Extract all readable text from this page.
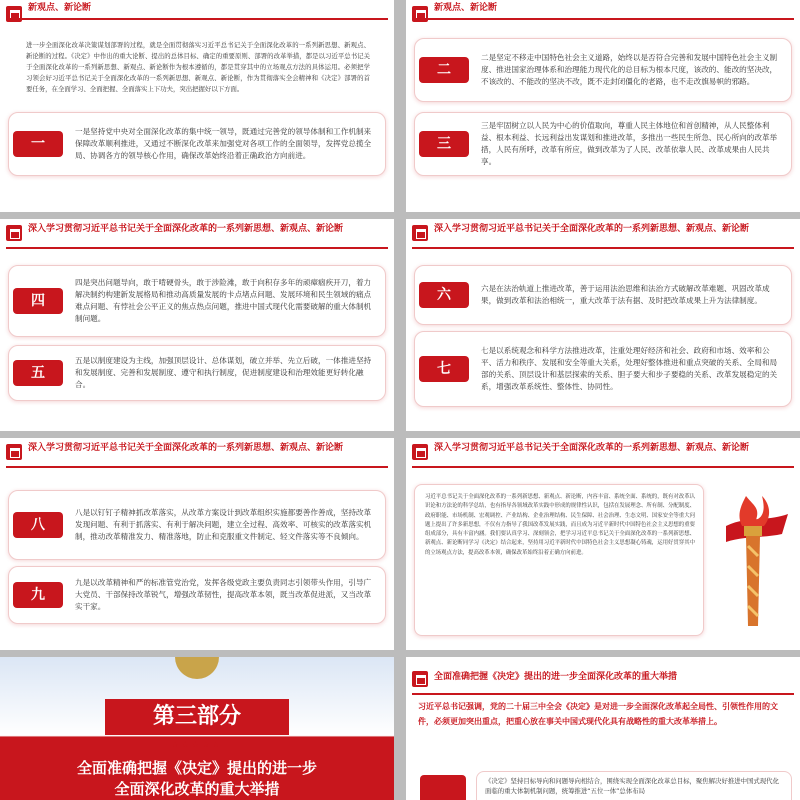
新观点、新论断
进一步全面深化改革决策谋划部署的过程，就是全面贯彻落实习近平总书记关于全面深化改革的一系列新思想、新观点、新论断的过程。《决定》中作出的重大论断、提出的总体目标、确定的重要原则、部署的改革举措，都是以习近平总书记关于全面深化改革的一系列新思想、新观点、新论断作为根本遵循的，都是贯穿其中的立场观点方法的具体运用。必须把学习领会好习近平总书记关于全面深化改革的一系列新思想、新观点、新论断，作为贯彻落实全会精神和《决定》部署的首要任务，在全面学习、全面把握、全面落实上下功夫，突出把握好以下方面。
一
一是坚持党中央对全面深化改革的集中统一领导，既通过完善党的领导体制和工作机制来保障改革顺利推进，又通过不断深化改革来加强党对各项工作的全面领导，发挥党总揽全局、协调各方的领导核心作用，确保改革始终沿着正确政治方向前进。
新观点、新论断
二
二是坚定不移走中国特色社会主义道路，始终以是否符合完善和发展中国特色社会主义制度、推进国家治理体系和治理能力现代化的总目标为根本尺度，该改的、能改的坚决改，不该改的、不能改的坚决不改，既不走封闭僵化的老路，也不走改旗易帜的邪路。
三
三是牢固树立以人民为中心的价值取向，尊重人民主体地位和首创精神，从人民整体利益、根本利益、长远利益出发谋划和推进改革，多推出一些民生所急、民心所向的改革举措，人民有所呼，改革有所应，做到改革为了人民、改革依靠人民、改革成果由人民共享。
深入学习贯彻习近平总书记关于全面深化改革的一系列新思想、新观点、新论断
四
四是突出问题导向，敢于啃硬骨头，敢于涉险滩，敢于向积存多年的顽瘴痼疾开刀，着力解决制约构建新发展格局和推动高质量发展的卡点堵点问题、发展环境和民生领域的痛点难点问题、有悖社会公平正义的焦点热点问题，推进中国式现代化需要破解的重大体制机制问题。
五
五是以制度建设为主线，加强顶层设计、总体谋划，破立并举、先立后破，一体推进坚持和发展制度、完善和发展制度、遵守和执行制度，促进制度建设和治理效能更好转化融合。
深入学习贯彻习近平总书记关于全面深化改革的一系列新思想、新观点、新论断
六	六是在法治轨道上推进改革，善于运用法治思维和法治方式破解改革难题、巩固改革成果，做到改革和法治相统一，重大改革于法有据、及时把改革成果上升为法律制度。
七
七是以系统观念和科学方法推进改革，注重处理好经济和社会、政府和市场、效率和公平、活力和秩序、发展和安全等重大关系，处理好整体推进和重点突破的关系、全局和局部的关系、顶层设计和基层探索的关系、胆子要大和步子要稳的关系、改革发展稳定的关系，增强改革系统性、整体性、协同性。
深入学习贯彻习近平总书记关于全面深化改革的一系列新思想、新观点、新论断
八
八是以钉钉子精神抓改革落实，从改革方案设计到改革组织实施都要善作善成，坚持改革发现问题、有利于抓落实、有利于解决问题，建立全过程、高效率、可核实的改革落实机制，推动改革精准发力、精准落地，防止和克服重文件制定、轻文件落实等不良倾向。
九
九是以改革精神和严的标准管党治党，发挥各级党政主要负责同志引领带头作用，引导广大党员、干部保持改革锐气，增强改革韧性，提高改革本领，既当改革促进派，又当改革实干家。
深入学习贯彻习近平总书记关于全面深化改革的一系列新思想、新观点、新论断
习近平总书记关于全面深化改革的一系列新思想、新观点、新论断，内容丰富、系统全面、系统的，既有对改革认识论和方法论的科学总结，也有指导各领域改革实践中形成的规律性认识，包括在发展理念、所有制、分配制度、政府职能、市场机制、宏观调控、产业结构、企业治理结构、民生保障、社会治理、生态文明、国家安全等重大问题上提出了许多新思想，不仅有力指导了我国改革发展实践，而且成为习近平新时代中国特色社会主义思想的重要组成部分，具有丰富内涵。我们要认真学习、深刻领会，把学习习近平总书记关于全面深化改革的一系列新思想、新观点、新论断同学习《决定》结合起来，坚持用习近平新时代中国特色社会主义思想凝心铸魂，运用好贯穿其中的立场观点方法，提高改革本领，确保改革始终沿着正确方向前进。
第三部分
★★★★★
全面准确把握《决定》提出的进一步
全面深化改革的重大举措
全面准确把握《决定》提出的进一步全面深化改革的重大举措
习近平总书记强调，党的二十届三中全会《决定》是对进一步全面深化改革起全局性、引领性作用的文件，必须更加突出重点，把重心放在事关中国式现代化具有战略性的重大改革举措上。
《决定》坚持目标导向和问题导向相结合，围绕实现全面深化改革总目标，聚焦解决好推进中国式现代化面临的重大体制机制问题，统筹推进“五位一体”总体布局
